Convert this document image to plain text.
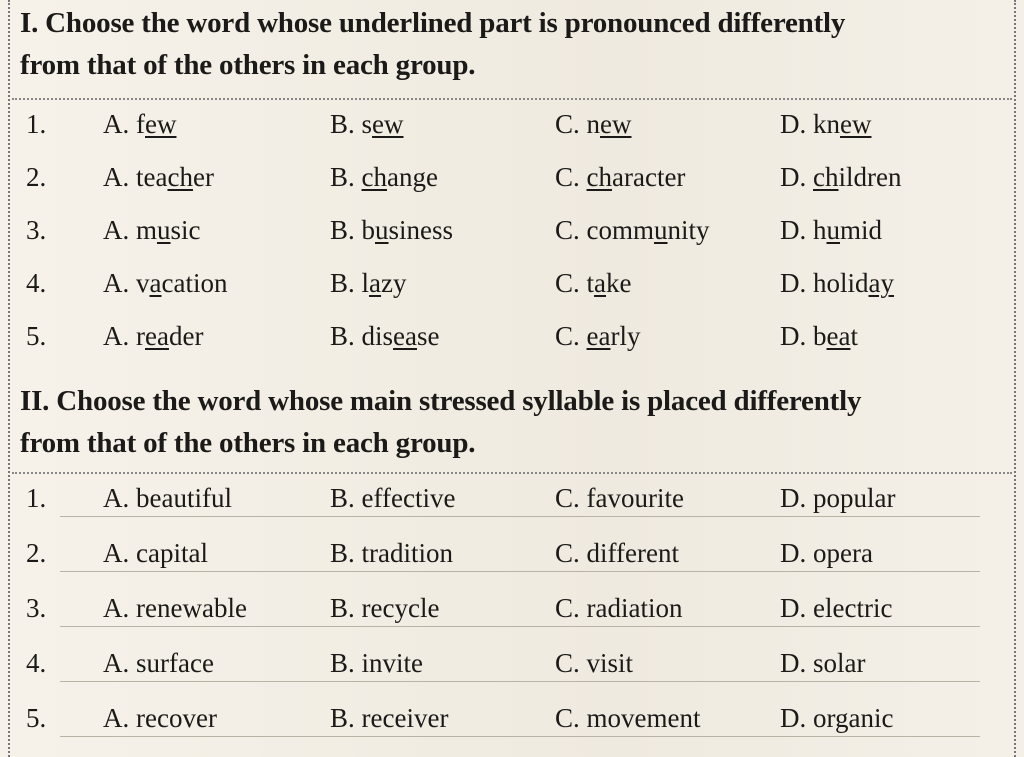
I. Choose the word whose underlined part is pronounced differently
from that of the others in each group.
1. A. few	B. sew	C. new	D. knew
2. A. teacher	B. change	C. character	D. children
3. A. music	B. business	C. community	D. humid
4. A. vacation	B. lazy	C. take	D. holiday
5. A. reader	B. disease	C. early	D. beat
II. Choose the word whose main stressed syllable is placed differently
from that of the others in each group.
1. A. beautiful	B. effective	C. favourite	D. popular
2. A. capital	B. tradition	C. different	D. opera
3. A. renewable	B. recycle	C. radiation	D. electric
4. A. surface	B. invite	C. visit	D. solar
5. A. recover	B. receiver	C. movement	D. organic
